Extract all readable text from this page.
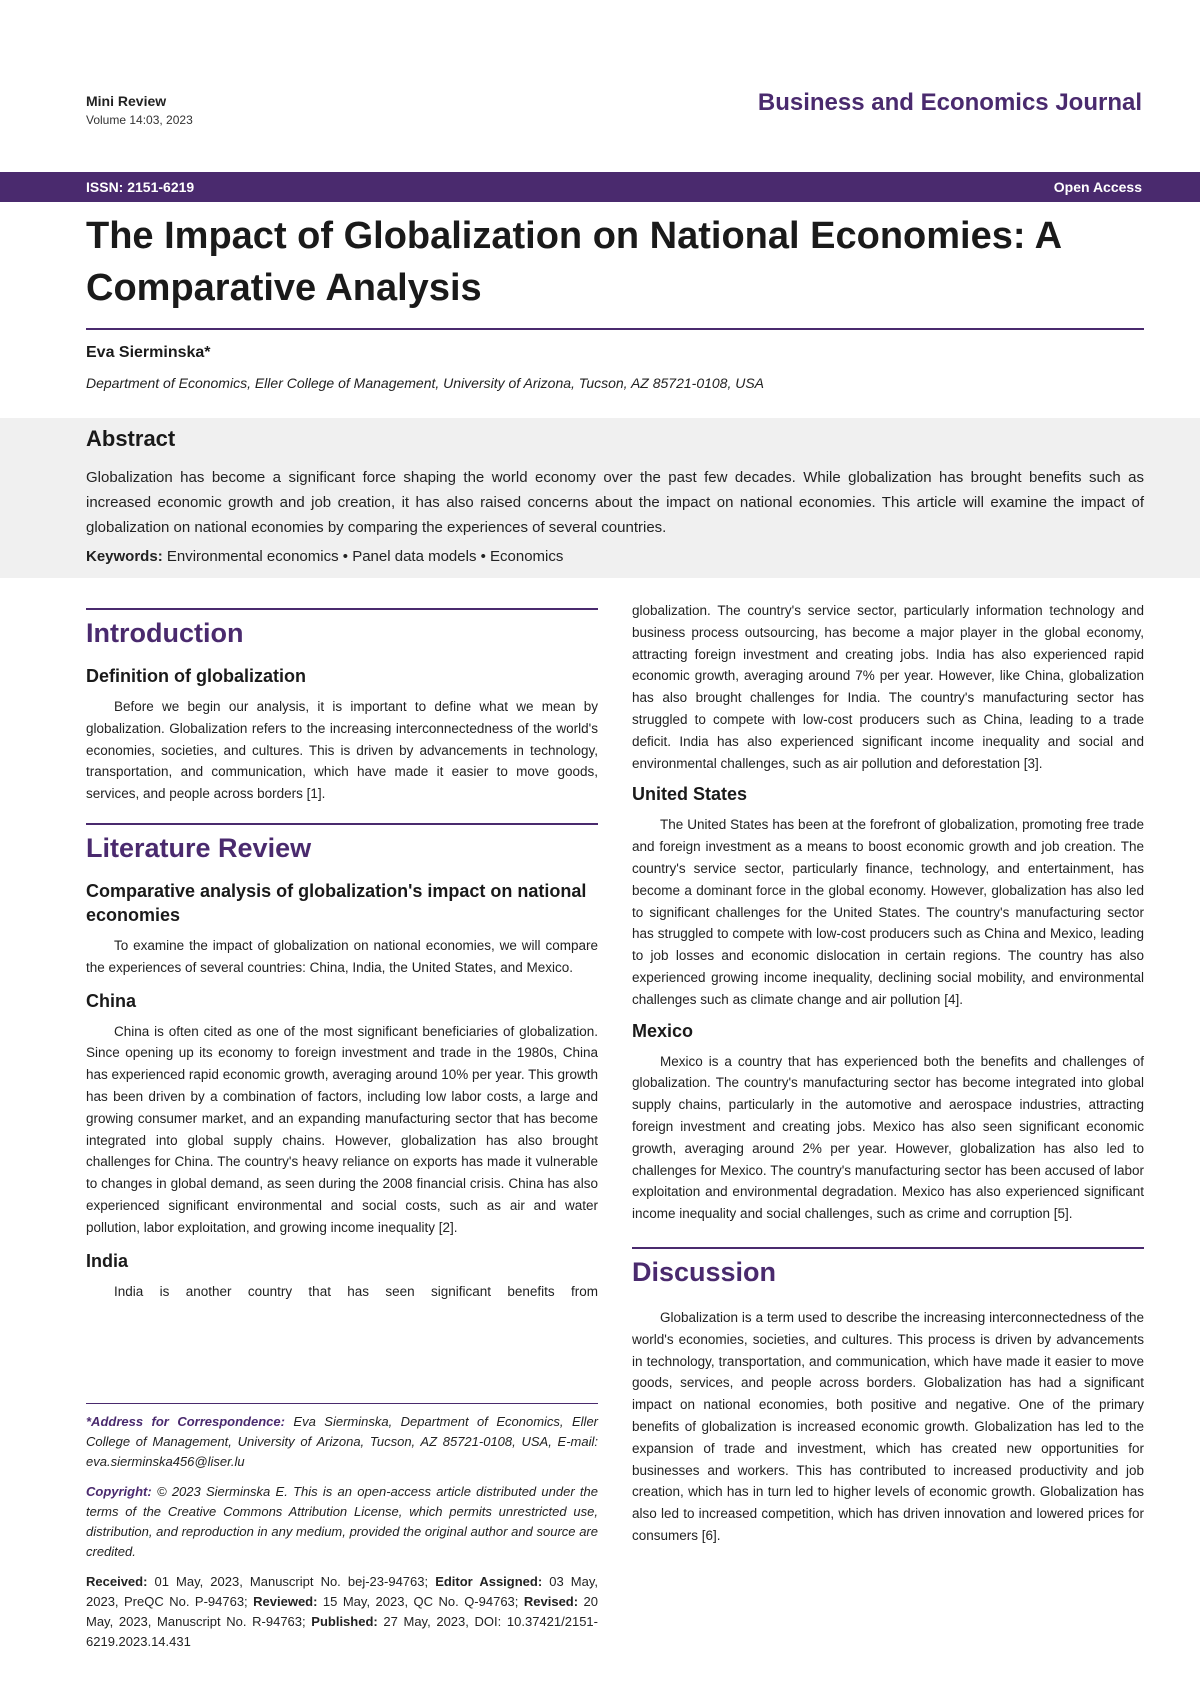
Mini Review
Volume 14:03, 2023
Business and Economics Journal
ISSN: 2151-6219	Open Access
The Impact of Globalization on National Economies: A Comparative Analysis
Eva Sierminska*
Department of Economics, Eller College of Management, University of Arizona, Tucson, AZ 85721-0108, USA
Abstract

Globalization has become a significant force shaping the world economy over the past few decades. While globalization has brought benefits such as increased economic growth and job creation, it has also raised concerns about the impact on national economies. This article will examine the impact of globalization on national economies by comparing the experiences of several countries.

Keywords: Environmental economics • Panel data models • Economics
Introduction
Definition of globalization

Before we begin our analysis, it is important to define what we mean by globalization. Globalization refers to the increasing interconnectedness of the world's economies, societies, and cultures. This is driven by advancements in technology, transportation, and communication, which have made it easier to move goods, services, and people across borders [1].

Literature Review
Comparative analysis of globalization's impact on national economies

To examine the impact of globalization on national economies, we will compare the experiences of several countries: China, India, the United States, and Mexico.

China

China is often cited as one of the most significant beneficiaries of globalization. Since opening up its economy to foreign investment and trade in the 1980s, China has experienced rapid economic growth, averaging around 10% per year. This growth has been driven by a combination of factors, including low labor costs, a large and growing consumer market, and an expanding manufacturing sector that has become integrated into global supply chains. However, globalization has also brought challenges for China. The country's heavy reliance on exports has made it vulnerable to changes in global demand, as seen during the 2008 financial crisis. China has also experienced significant environmental and social costs, such as air and water pollution, labor exploitation, and growing income inequality [2].

India

India is another country that has seen significant benefits from

*Address for Correspondence: Eva Sierminska, Department of Economics, Eller College of Management, University of Arizona, Tucson, AZ 85721-0108, USA, E-mail: eva.sierminska456@liser.lu

Copyright: © 2023 Sierminska E. This is an open-access article distributed under the terms of the Creative Commons Attribution License, which permits unrestricted use, distribution, and reproduction in any medium, provided the original author and source are credited.

Received: 01 May, 2023, Manuscript No. bej-23-94763; Editor Assigned: 03 May, 2023, PreQC No. P-94763; Reviewed: 15 May, 2023, QC No. Q-94763; Revised: 20 May, 2023, Manuscript No. R-94763; Published: 27 May, 2023, DOI: 10.37421/2151-6219.2023.14.431

globalization. The country's service sector, particularly information technology and business process outsourcing, has become a major player in the global economy, attracting foreign investment and creating jobs. India has also experienced rapid economic growth, averaging around 7% per year. However, like China, globalization has also brought challenges for India. The country's manufacturing sector has struggled to compete with low-cost producers such as China, leading to a trade deficit. India has also experienced significant income inequality and social and environmental challenges, such as air pollution and deforestation [3].

United States

The United States has been at the forefront of globalization, promoting free trade and foreign investment as a means to boost economic growth and job creation. The country's service sector, particularly finance, technology, and entertainment, has become a dominant force in the global economy. However, globalization has also led to significant challenges for the United States. The country's manufacturing sector has struggled to compete with low-cost producers such as China and Mexico, leading to job losses and economic dislocation in certain regions. The country has also experienced growing income inequality, declining social mobility, and environmental challenges such as climate change and air pollution [4].

Mexico

Mexico is a country that has experienced both the benefits and challenges of globalization. The country's manufacturing sector has become integrated into global supply chains, particularly in the automotive and aerospace industries, attracting foreign investment and creating jobs. Mexico has also seen significant economic growth, averaging around 2% per year. However, globalization has also led to challenges for Mexico. The country's manufacturing sector has been accused of labor exploitation and environmental degradation. Mexico has also experienced significant income inequality and social challenges, such as crime and corruption [5].

Discussion

Globalization is a term used to describe the increasing interconnectedness of the world's economies, societies, and cultures. This process is driven by advancements in technology, transportation, and communication, which have made it easier to move goods, services, and people across borders. Globalization has had a significant impact on national economies, both positive and negative. One of the primary benefits of globalization is increased economic growth. Globalization has led to the expansion of trade and investment, which has created new opportunities for businesses and workers. This has contributed to increased productivity and job creation, which has in turn led to higher levels of economic growth. Globalization has also led to increased competition, which has driven innovation and lowered prices for consumers [6].
